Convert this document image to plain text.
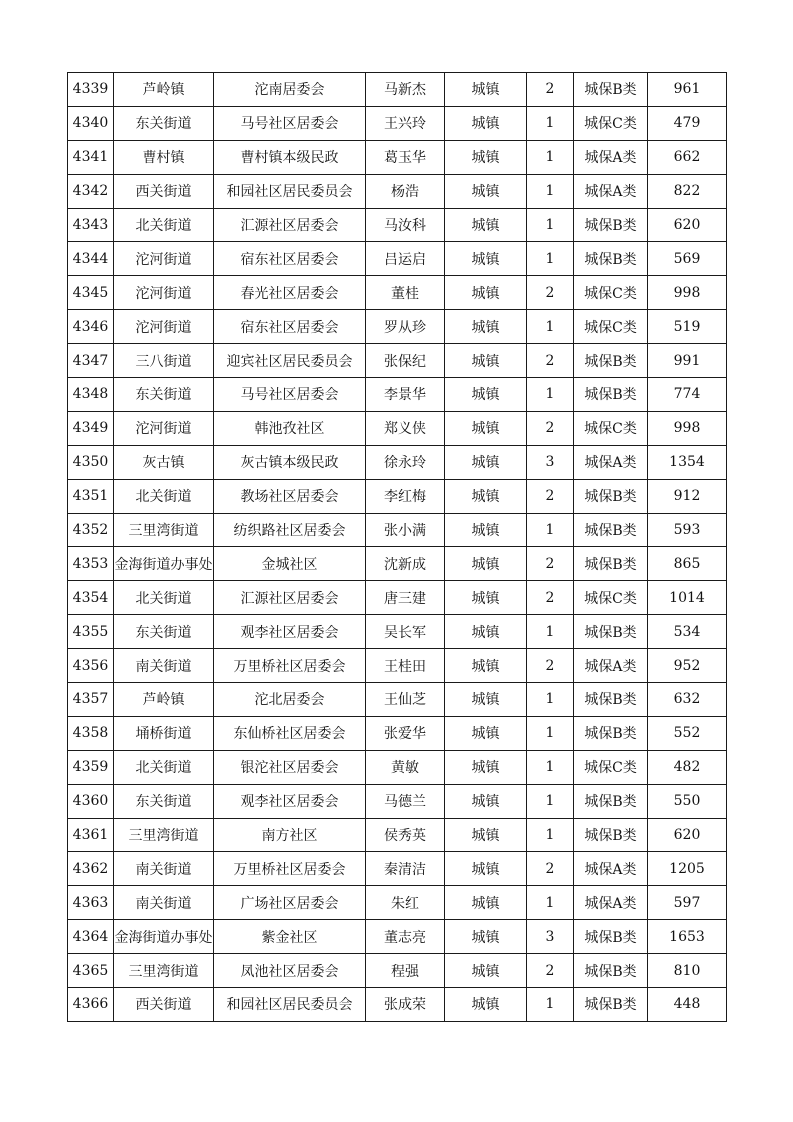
4339	芦岭镇	沱南居委会	马新杰	城镇	2	城保B类	961
4340	东关街道	马号社区居委会	王兴玲	城镇	1	城保C类	479
4341	曹村镇	曹村镇本级民政	葛玉华	城镇	1	城保A类	662
4342	西关街道	和园社区居民委员会	杨浩	城镇	1	城保A类	822
4343	北关街道	汇源社区居委会	马汝科	城镇	1	城保B类	620
4344	沱河街道	宿东社区居委会	吕运启	城镇	1	城保B类	569
4345	沱河街道	春光社区居委会	董桂	城镇	2	城保C类	998
4346	沱河街道	宿东社区居委会	罗从珍	城镇	1	城保C类	519
4347	三八街道	迎宾社区居民委员会	张保纪	城镇	2	城保B类	991
4348	东关街道	马号社区居委会	李景华	城镇	1	城保B类	774
4349	沱河街道	韩池孜社区	郑义侠	城镇	2	城保C类	998
4350	灰古镇	灰古镇本级民政	徐永玲	城镇	3	城保A类	1354
4351	北关街道	教场社区居委会	李红梅	城镇	2	城保B类	912
4352	三里湾街道	纺织路社区居委会	张小满	城镇	1	城保B类	593
4353	金海街道办事处	金城社区	沈新成	城镇	2	城保B类	865
4354	北关街道	汇源社区居委会	唐三建	城镇	2	城保C类	1014
4355	东关街道	观李社区居委会	吴长军	城镇	1	城保B类	534
4356	南关街道	万里桥社区居委会	王桂田	城镇	2	城保A类	952
4357	芦岭镇	沱北居委会	王仙芝	城镇	1	城保B类	632
4358	埇桥街道	东仙桥社区居委会	张爱华	城镇	1	城保B类	552
4359	北关街道	银沱社区居委会	黄敏	城镇	1	城保C类	482
4360	东关街道	观李社区居委会	马德兰	城镇	1	城保B类	550
4361	三里湾街道	南方社区	侯秀英	城镇	1	城保B类	620
4362	南关街道	万里桥社区居委会	秦清洁	城镇	2	城保A类	1205
4363	南关街道	广场社区居委会	朱红	城镇	1	城保A类	597
4364	金海街道办事处	紫金社区	董志亮	城镇	3	城保B类	1653
4365	三里湾街道	凤池社区居委会	程强	城镇	2	城保B类	810
4366	西关街道	和园社区居民委员会	张成荣	城镇	1	城保B类	448
